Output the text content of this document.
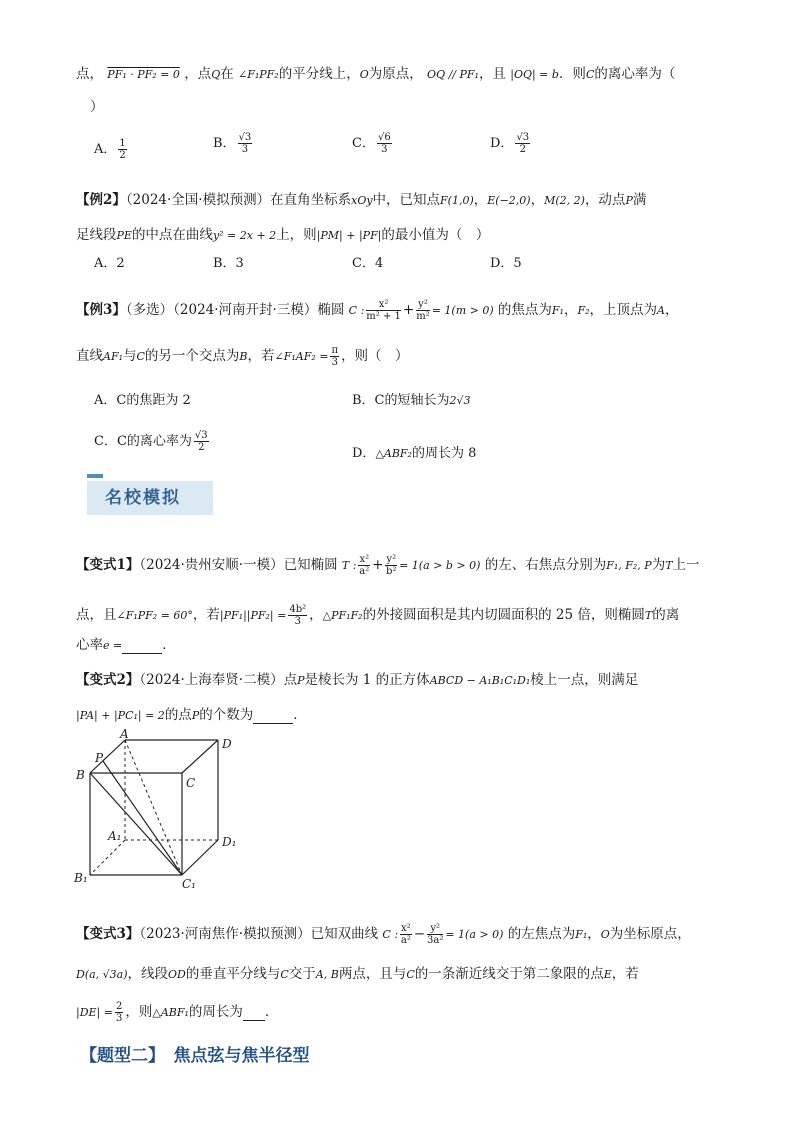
点， PF₁ · PF₂ = 0 ，点Q在 ∠F₁PF₂的平分线上，O为原点， OQ // PF₁，且 |OQ| = b．则C的离心率为（
）
A． $\frac{1}{2}$	B． $\frac{√3}{3}$	C． $\frac{√6}{3}$	D． $\frac{√3}{2}$
【例2】（2024·全国·模拟预测）在直角坐标系xOy中，已知点F(1,0)，E(−2,0)，M(2, 2)，动点P满
足线段PE的中点在曲线y² = 2x + 2上，则|PM| + |PF|的最小值为（　）
A．2	B．3	C．4	D．5
【例3】（多选）（2024·河南开封·三模）椭圆 C : $\frac{\text{x²}}{\text{m² + 1}} + \frac{\text{y²}}{\text{m²}} = 1(m > 0)$ 的焦点为F₁，F₂，上顶点为A，
直线AF₁与C的另一个交点为B，若∠F₁AF₂ = $\frac{\pi}{3}$ ，则（　）
A．C的焦距为 2	B．C的短轴长为2√3
C．C的离心率为 $\frac{√3}{2}$
D．△ABF₂的周长为 8
名校模拟
【变式1】（2024·贵州安顺·一模）已知椭圆 T : $\frac{\text{x²}}{\text{a²}} + \frac{\text{y²}}{\text{b²}} = 1(a > b > 0)$ 的左、右焦点分别为F₁, F₂, P为T上一
点，且∠F₁PF₂ = 60°，若$|PF_1||PF_2| = \frac{\text{4b²}}{3}$ ，△PF₁F₂的外接圆面积是其内切圆面积的 25 倍，则椭圆T的离
心率e =	．
【变式2】（2024·上海奉贤·二模）点P是棱长为 1 的正方体ABCD − A₁B₁C₁D₁棱上一点，则满足
|PA| + |PC₁| = 2的点P的个数为	．
A
D
P
B
C
A₁	D₁
B₁	C₁
【变式3】（2023·河南焦作·模拟预测）已知双曲线 C : $\frac{\text{x²}}{\text{a²}} - \frac{\text{y²}}{\text{3a²}} = 1(a > 0)$ 的左焦点为F₁，O为坐标原点，
D(a, √3a)，线段OD的垂直平分线与C交于A, B两点，且与C的一条渐近线交于第二象限的点E，若
$|DE| = \frac{2}{3}$ ，则△ABF₁的周长为 ．
【题型二】　焦点弦与焦半径型
